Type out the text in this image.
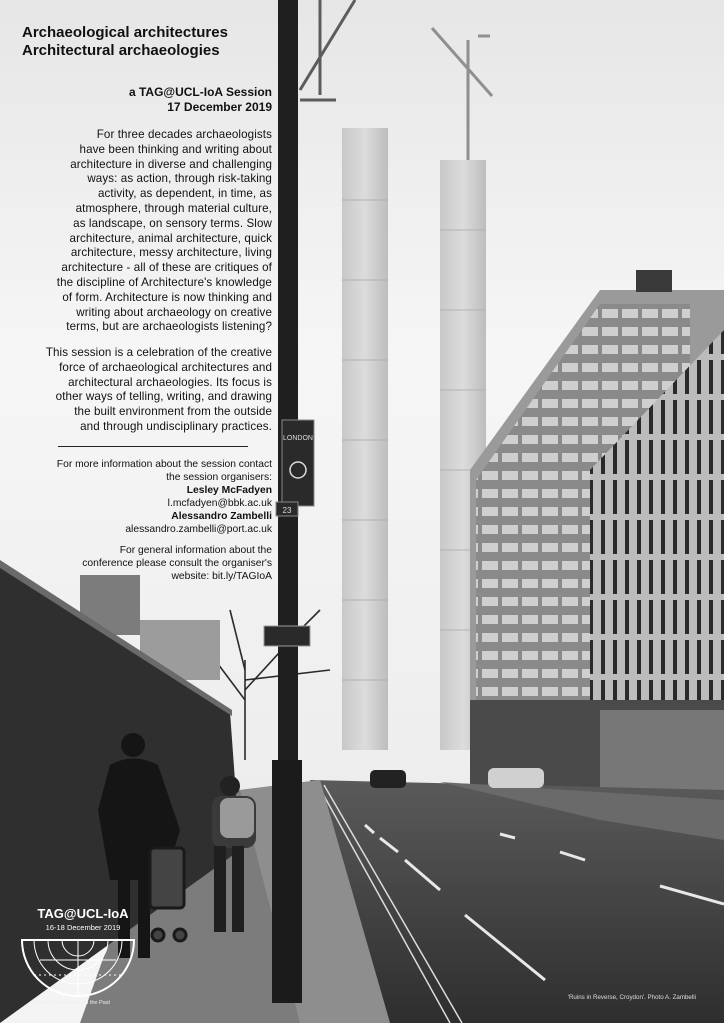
LONDON
23
Archaeological architectures
Architectural archaeologies
a TAG@UCL-IoA Session
17 December 2019
For three decades archaeologists
have been thinking and writing about
architecture in diverse and challenging
ways: as action, through risk-taking
activity, as dependent, in time, as
atmosphere, through material culture,
as landscape, on sensory terms. Slow
architecture, animal architecture, quick
architecture, messy architecture, living
architecture - all of these are critiques of
the discipline of Architecture's knowledge
of form. Architecture is now thinking and
writing about archaeology on creative
terms, but are archaeologists listening?
This session is a celebration of the creative
force of archaeological architectures and
architectural archaeologies. Its focus is
other ways of telling, writing, and drawing
the built environment from the outside
and through undisciplinary practices.
For more information about the session contact
the session organisers:
Lesley McFadyen
l.mcfadyen@bbk.ac.uk
Alessandro Zambelli
alessandro.zambelli@port.ac.uk
For general information about the
conference please consult the organiser's
website: bit.ly/TAGIoA
TAG@UCL-IoA
16-18 December 2019
Power, Knowledge and the Past
'Ruins in Reverse, Croydon'. Photo A. Zambelli
